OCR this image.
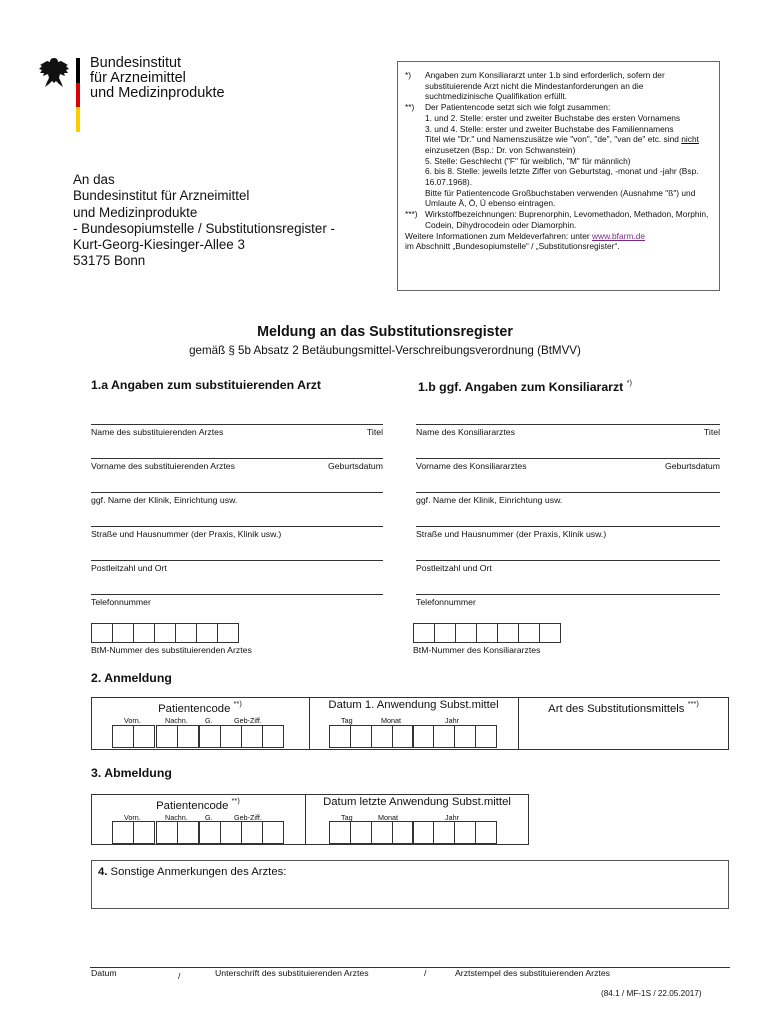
Bundesinstitut
für Arzneimittel
und Medizinprodukte
An das
Bundesinstitut für Arzneimittel
und Medizinprodukte
- Bundesopiumstelle / Substitutionsregister -
Kurt-Georg-Kiesinger-Allee 3
53175 Bonn
*)	Angaben zum Konsiliararzt unter 1.b sind erforderlich, sofern der substituierende Arzt nicht die Mindestanforderungen an die suchtmedizinische Qualifikation erfüllt.
**)	Der Patientencode setzt sich wie folgt zusammen:
1. und 2. Stelle: erster und zweiter Buchstabe des ersten Vornamens
3. und 4. Stelle: erster und zweiter Buchstabe des Familiennamens
Titel wie "Dr." und Namenszusätze wie "von", "de", "van de" etc. sind nicht einzusetzen (Bsp.: Dr. von Schwanstein)
5. Stelle: Geschlecht ("F" für weiblich, "M" für männlich)
6. bis 8. Stelle: jeweils letzte Ziffer von Geburtstag, -monat und -jahr (Bsp. 16.07.1968).
Bitte für Patientencode Großbuchstaben verwenden (Ausnahme "ß") und Umlaute Ä, Ö, Ü ebenso eintragen.
***) Wirkstoffbezeichnungen: Buprenorphin, Levomethadon, Methadon, Morphin, Codein, Dihydrocodein oder Diamorphin.
Weitere Informationen zum Meldeverfahren: unter www.bfarm.de
im Abschnitt „Bundesopiumstelle“ / „Substitutionsregister“.
Meldung an das Substitutionsregister
gemäß § 5b Absatz 2 Betäubungsmittel-Verschreibungsverordnung (BtMVV)
1.a Angaben zum substituierenden Arzt	1.b ggf. Angaben zum Konsiliararzt *)
Name des substituierenden Arztes	Titel
Vorname des substituierenden Arztes	Geburtsdatum
ggf. Name der Klinik, Einrichtung usw.
Straße und Hausnummer (der Praxis, Klinik usw.)
Postleitzahl und Ort
Telefonnummer
BtM-Nummer des substituierenden Arztes
Name des Konsiliararztes	Titel
Vorname des Konsiliararztes	Geburtsdatum
ggf. Name der Klinik, Einrichtung usw.
Straße und Hausnummer (der Praxis, Klinik usw.)
Postleitzahl und Ort
Telefonnummer
BtM-Nummer des Konsiliararztes
2. Anmeldung
Patientencode **)	Datum 1. Anwendung Subst.mittel	Art des Substitutionsmittels ***)
Vorn.	Nachn. G.	Geb-Ziff.	Tag	Monat	Jahr
3. Abmeldung
Patientencode **)	Datum letzte Anwendung Subst.mittel
Vorn.	Nachn. G.	Geb-Ziff.	Tag	Monat	Jahr
4. Sonstige Anmerkungen des Arztes:
Datum	/	Unterschrift des substituierenden Arztes	/	Arztstempel des substituierenden Arztes
(84.1 / MF-1S / 22.05.2017)
